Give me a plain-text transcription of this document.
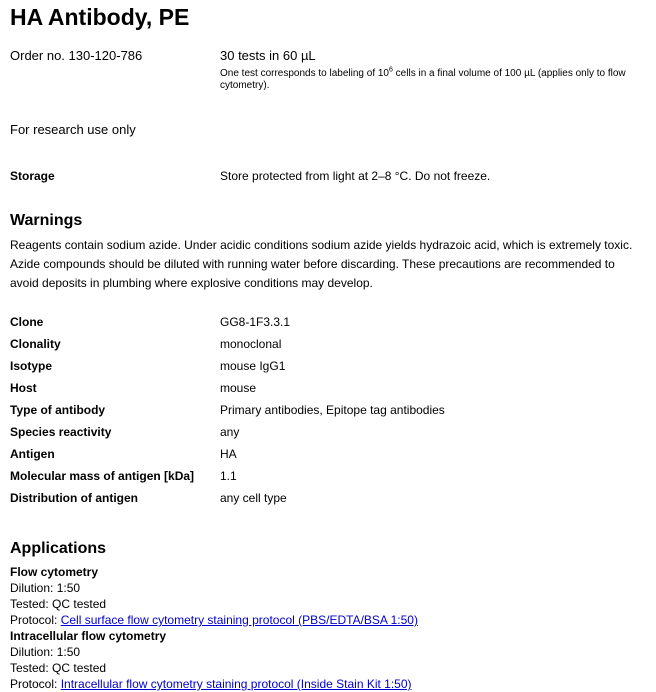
HA Antibody, PE
Order no. 130-120-786	30 tests in 60 µL
One test corresponds to labeling of $10^6$ cells in a final volume of 100 µL (applies only to flow cytometry).
For research use only
Storage	Store protected from light at 2–8 °C. Do not freeze.
Warnings

Reagents contain sodium azide. Under acidic conditions sodium azide yields hydrazoic acid, which is extremely toxic. Azide compounds should be diluted with running water before discarding. These precautions are recommended to avoid deposits in plumbing where explosive conditions may develop.

Clone	GG8-1F3.3.1
Clonality	monoclonal
Isotype	mouse IgG1
Host	mouse
Type of antibody	Primary antibodies, Epitope tag antibodies
Species reactivity	any
Antigen	HA
Molecular mass of antigen [kDa]	1.1
Distribution of antigen	any cell type
Applications
Flow cytometry
Dilution: 1:50
Tested: QC tested
Protocol: Cell surface flow cytometry staining protocol (PBS/EDTA/BSA 1:50)
Intracellular flow cytometry
Dilution: 1:50
Tested: QC tested
Protocol: Intracellular flow cytometry staining protocol (Inside Stain Kit 1:50)
